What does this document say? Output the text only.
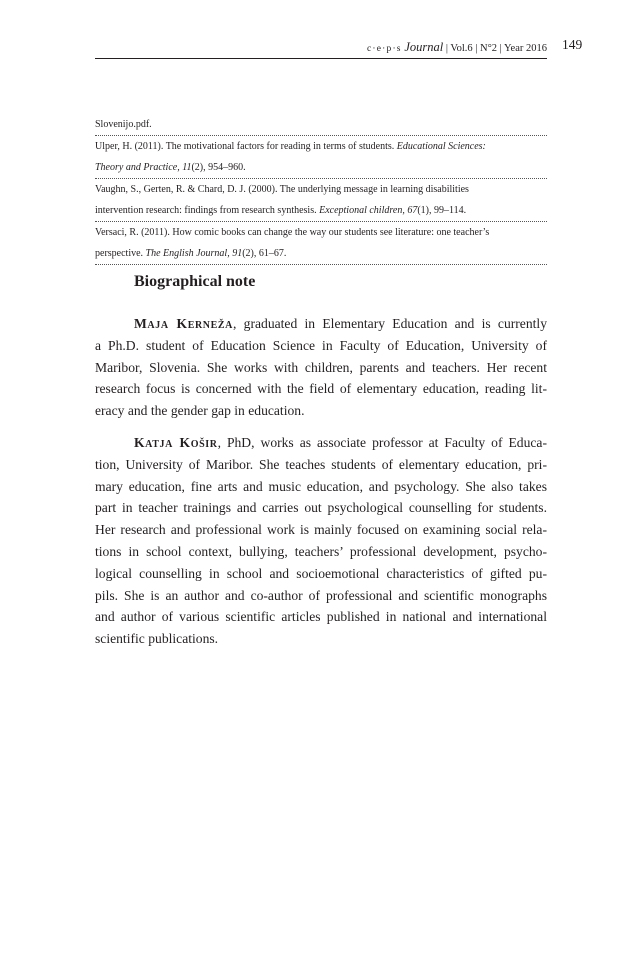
c·e·p·s Journal | Vol.6 | N°2 | Year 2016 149
Slovenijo.pdf.
Ulper, H. (2011). The motivational factors for reading in terms of students. Educational Sciences:
Theory and Practice, 11(2), 954–960.
Vaughn, S., Gerten, R. & Chard, D. J. (2000). The underlying message in learning disabilities
intervention research: findings from research synthesis. Exceptional children, 67(1), 99–114.
Versaci, R. (2011). How comic books can change the way our students see literature: one teacher’s
perspective. The English Journal, 91(2), 61–67.
Biographical note
Maja Kerneža, graduated in Elementary Education and is currently
a Ph.D. student of Education Science in Faculty of Education, University of
Maribor, Slovenia. She works with children, parents and teachers. Her recent
research focus is concerned with the field of elementary education, reading lit-
eracy and the gender gap in education.
Katja Košir, PhD, works as associate professor at Faculty of Educa-
tion, University of Maribor. She teaches students of elementary education, pri-
mary education, fine arts and music education, and psychology. She also takes
part in teacher trainings and carries out psychological counselling for students.
Her research and professional work is mainly focused on examining social rela-
tions in school context, bullying, teachers’ professional development, psycho-
logical counselling in school and socioemotional characteristics of gifted pu-
pils. She is an author and co-author of professional and scientific monographs
and author of various scientific articles published in national and international
scientific publications.
